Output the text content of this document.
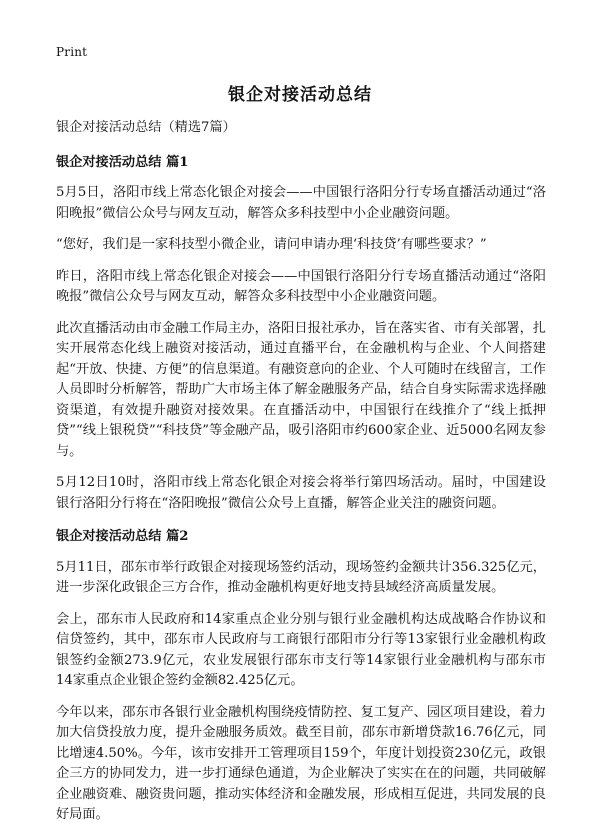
Print
银企对接活动总结
银企对接活动总结（精选7篇）
银企对接活动总结 篇1

5月5日，洛阳市线上常态化银企对接会——中国银行洛阳分行专场直播活动通过“洛阳晚报”微信公众号与网友互动，解答众多科技型中小企业融资问题。

“您好，我们是一家科技型小微企业，请问申请办理‘科技贷’有哪些要求？”

昨日，洛阳市线上常态化银企对接会——中国银行洛阳分行专场直播活动通过“洛阳晚报”微信公众号与网友互动，解答众多科技型中小企业融资问题。

此次直播活动由市金融工作局主办，洛阳日报社承办，旨在落实省、市有关部署，扎实开展常态化线上融资对接活动，通过直播平台，在金融机构与企业、个人间搭建起“开放、快捷、方便”的信息渠道。有融资意向的企业、个人可随时在线留言，工作人员即时分析解答，帮助广大市场主体了解金融服务产品，结合自身实际需求选择融资渠道，有效提升融资对接效果。在直播活动中，中国银行在线推介了“线上抵押贷”“线上银税贷”“科技贷”等金融产品，吸引洛阳市约600家企业、近5000名网友参与。

5月12日10时，洛阳市线上常态化银企对接会将举行第四场活动。届时，中国建设银行洛阳分行将在“洛阳晚报”微信公众号上直播，解答企业关注的融资问题。

银企对接活动总结 篇2

5月11日，邵东市举行政银企对接现场签约活动，现场签约金额共计356.325亿元，进一步深化政银企三方合作，推动金融机构更好地支持县域经济高质量发展。

会上，邵东市人民政府和14家重点企业分别与银行业金融机构达成战略合作协议和信贷签约，其中，邵东市人民政府与工商银行邵阳市分行等13家银行业金融机构政银签约金额273.9亿元，农业发展银行邵东市支行等14家银行业金融机构与邵东市14家重点企业银企签约金额82.425亿元。

今年以来，邵东市各银行业金融机构围绕疫情防控、复工复产、园区项目建设，着力加大信贷投放力度，提升金融服务质效。截至目前，邵东市新增贷款16.76亿元，同比增速4.50%。今年，该市安排开工管理项目159个，年度计划投资230亿元，政银企三方的协同发力，进一步打通绿色通道，为企业解决了实实在在的问题，共同破解企业融资难、融资贵问题，推动实体经济和金融发展，形成相互促进，共同发展的良好局面。
